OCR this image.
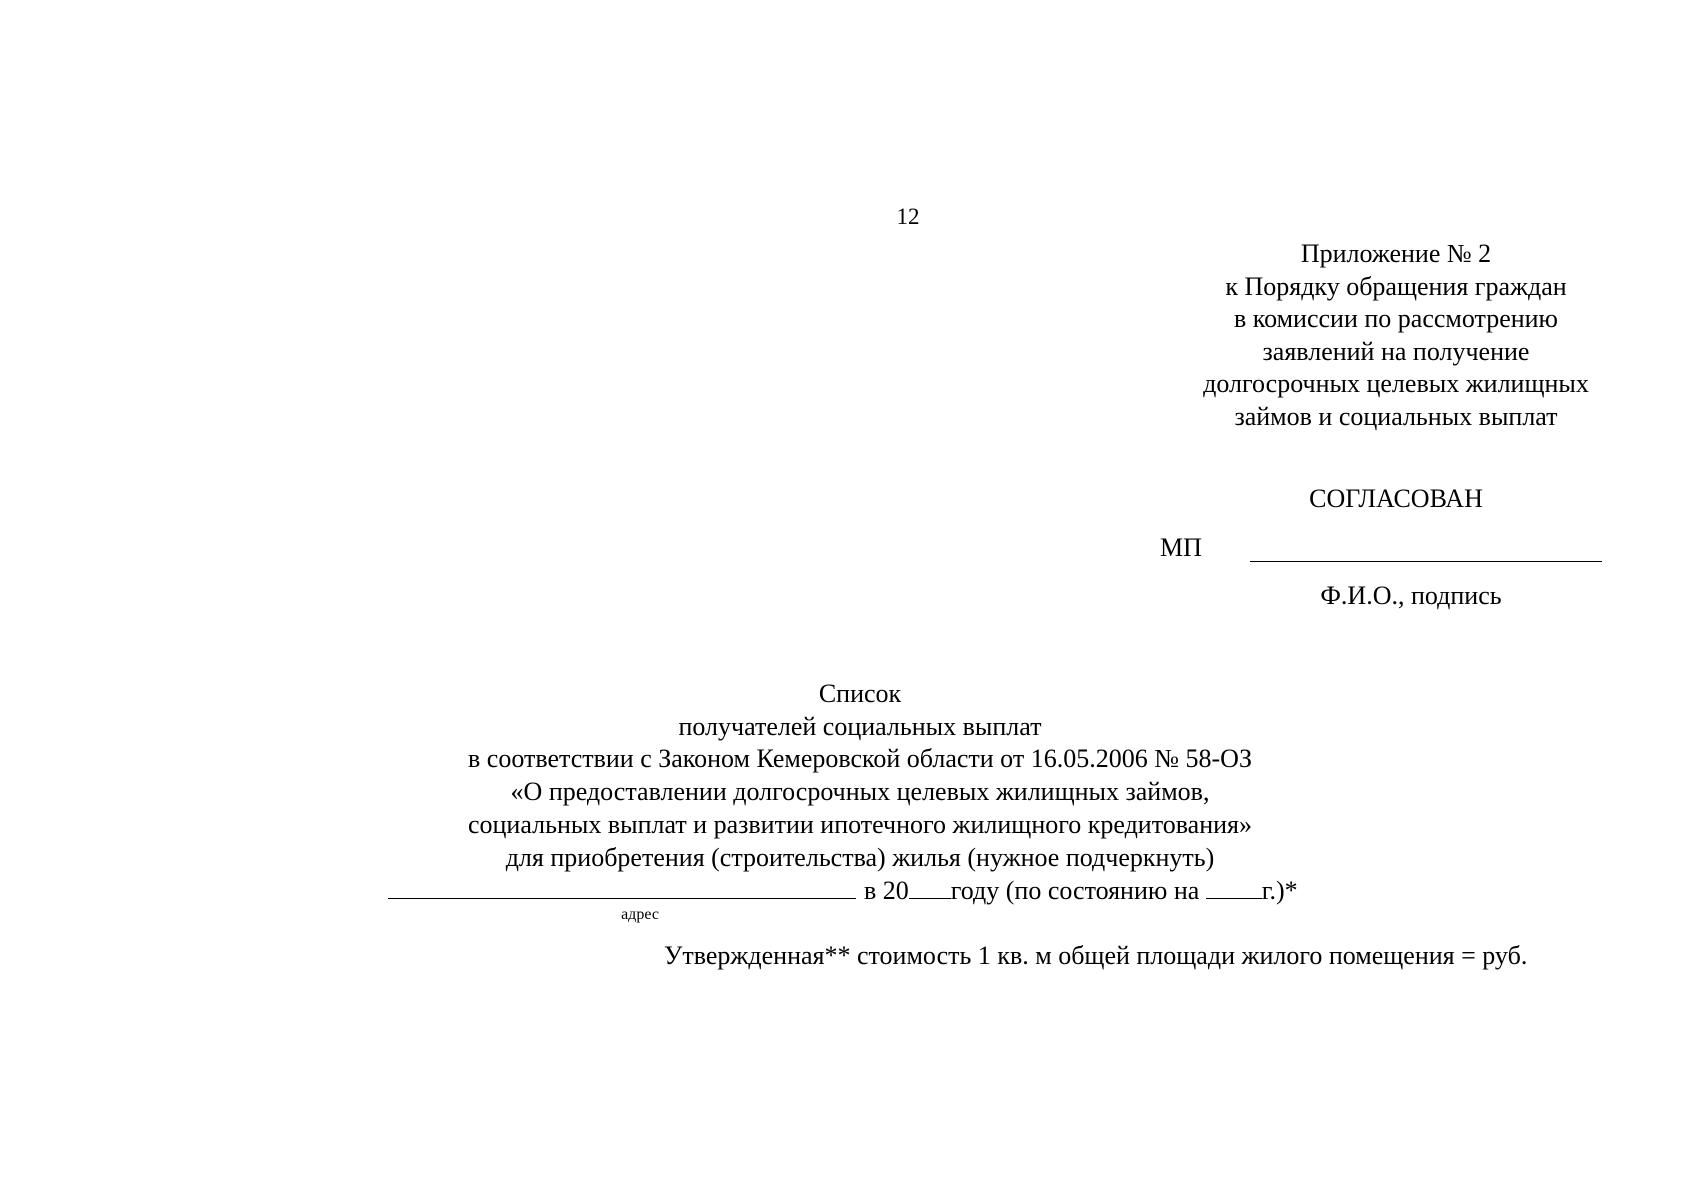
12
Приложение № 2
к Порядку обращения граждан
в комиссии по рассмотрению
заявлений на получение
долгосрочных целевых жилищных
займов и социальных выплат
СОГЛАСОВАН
МП
Ф.И.О., подпись
Список
получателей социальных выплат
в соответствии с Законом Кемеровской области от 16.05.2006 № 58-ОЗ
«О предоставлении долгосрочных целевых жилищных займов,
социальных выплат и развитии ипотечного жилищного кредитования»
для приобретения (строительства) жилья (нужное подчеркнуть)
в 20 году (по состоянию на г.)*
адрес
Утвержденная** стоимость 1 кв. м общей площади жилого помещения = руб.
